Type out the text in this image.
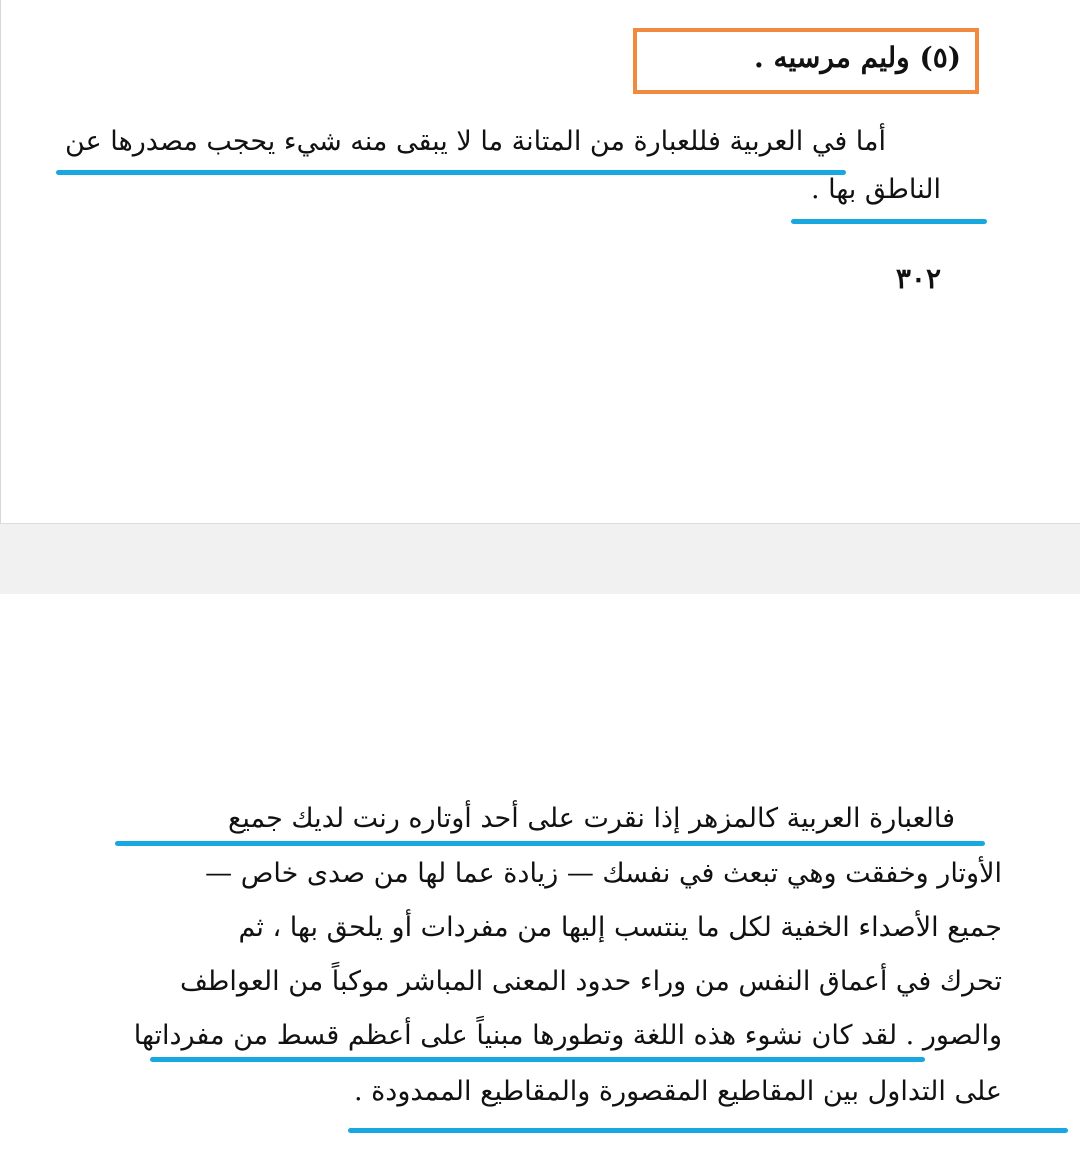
(٥) وليم مرسيه .
أما في العربية فللعبارة من المتانة ما لا يبقى منه شيء يحجب مصدرها عن
الناطق بها .
٣٠٢
فالعبارة العربية كالمزهر إذا نقرت على أحد أوتاره رنت لديك جميع
الأوتار وخفقت وهي تبعث في نفسك — زيادة عما لها من صدى خاص —
جميع الأصداء الخفية لكل ما ينتسب إليها من مفردات أو يلحق بها ، ثم
تحرك في أعماق النفس من وراء حدود المعنى المباشر موكباً من العواطف
والصور . لقد كان نشوء هذه اللغة وتطورها مبنياً على أعظم قسط من مفرداتها
على التداول بين المقاطيع المقصورة والمقاطيع الممدودة .
